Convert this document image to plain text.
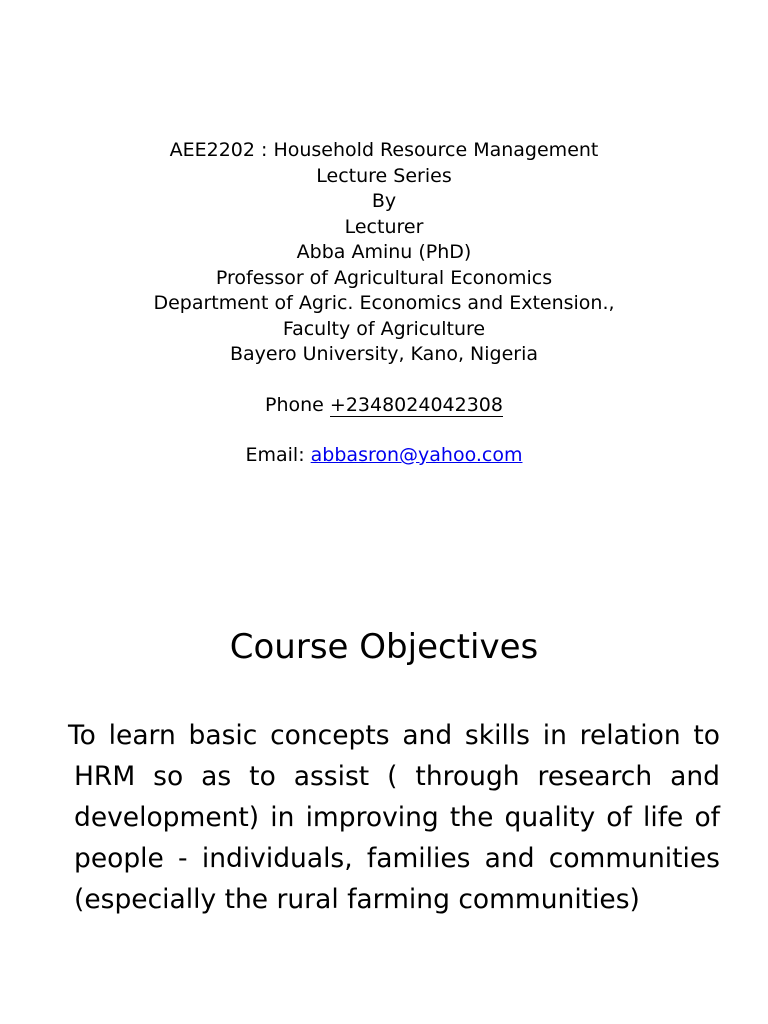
AEE2202 : Household Resource Management
Lecture Series
By
Lecturer
Abba Aminu (PhD)
Professor of Agricultural Economics
Department of Agric. Economics and Extension.,
Faculty of Agriculture
Bayero University, Kano, Nigeria
Phone +2348024042308
Email: abbasron@yahoo.com
Course Objectives
To learn basic concepts and skills in relation to HRM so as to assist ( through research and development) in improving the quality of life of people - individuals, families and communities (especially the rural farming communities)
